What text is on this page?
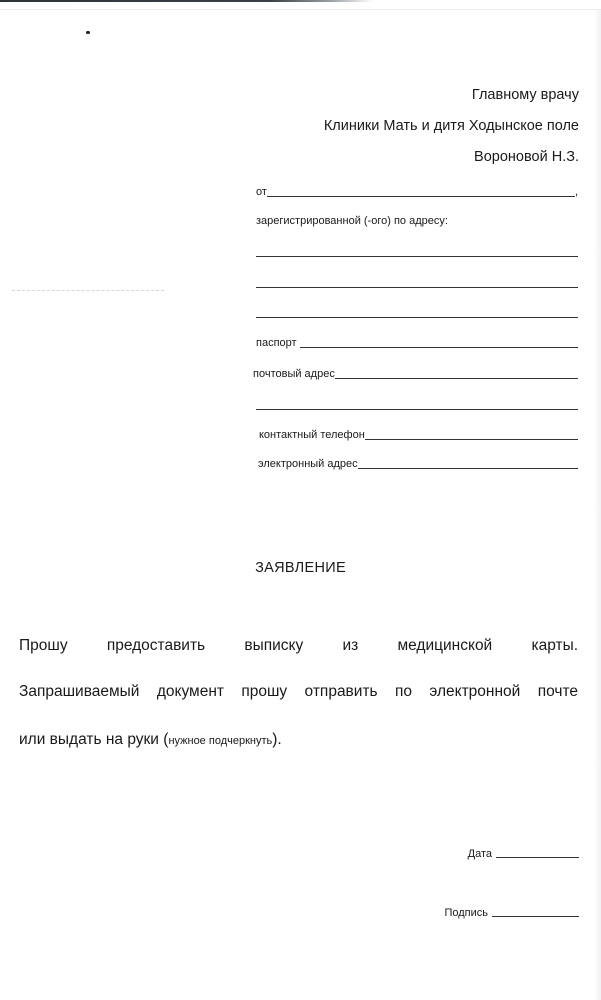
Главному врачу
Клиники Мать и дитя Ходынское поле
Вороновой Н.З.
от	,
зарегистрированной (-ого) по адресу:
паспорт
почтовый адрес
контактный телефон
электронный адрес
ЗАЯВЛЕНИЕ
Прошу	предоставить	выписку	из	медицинской	карты.
Запрашиваемый документ прошу отправить по электронной почте
или выдать на руки (нужное подчеркнуть).
Дата
Подпись
